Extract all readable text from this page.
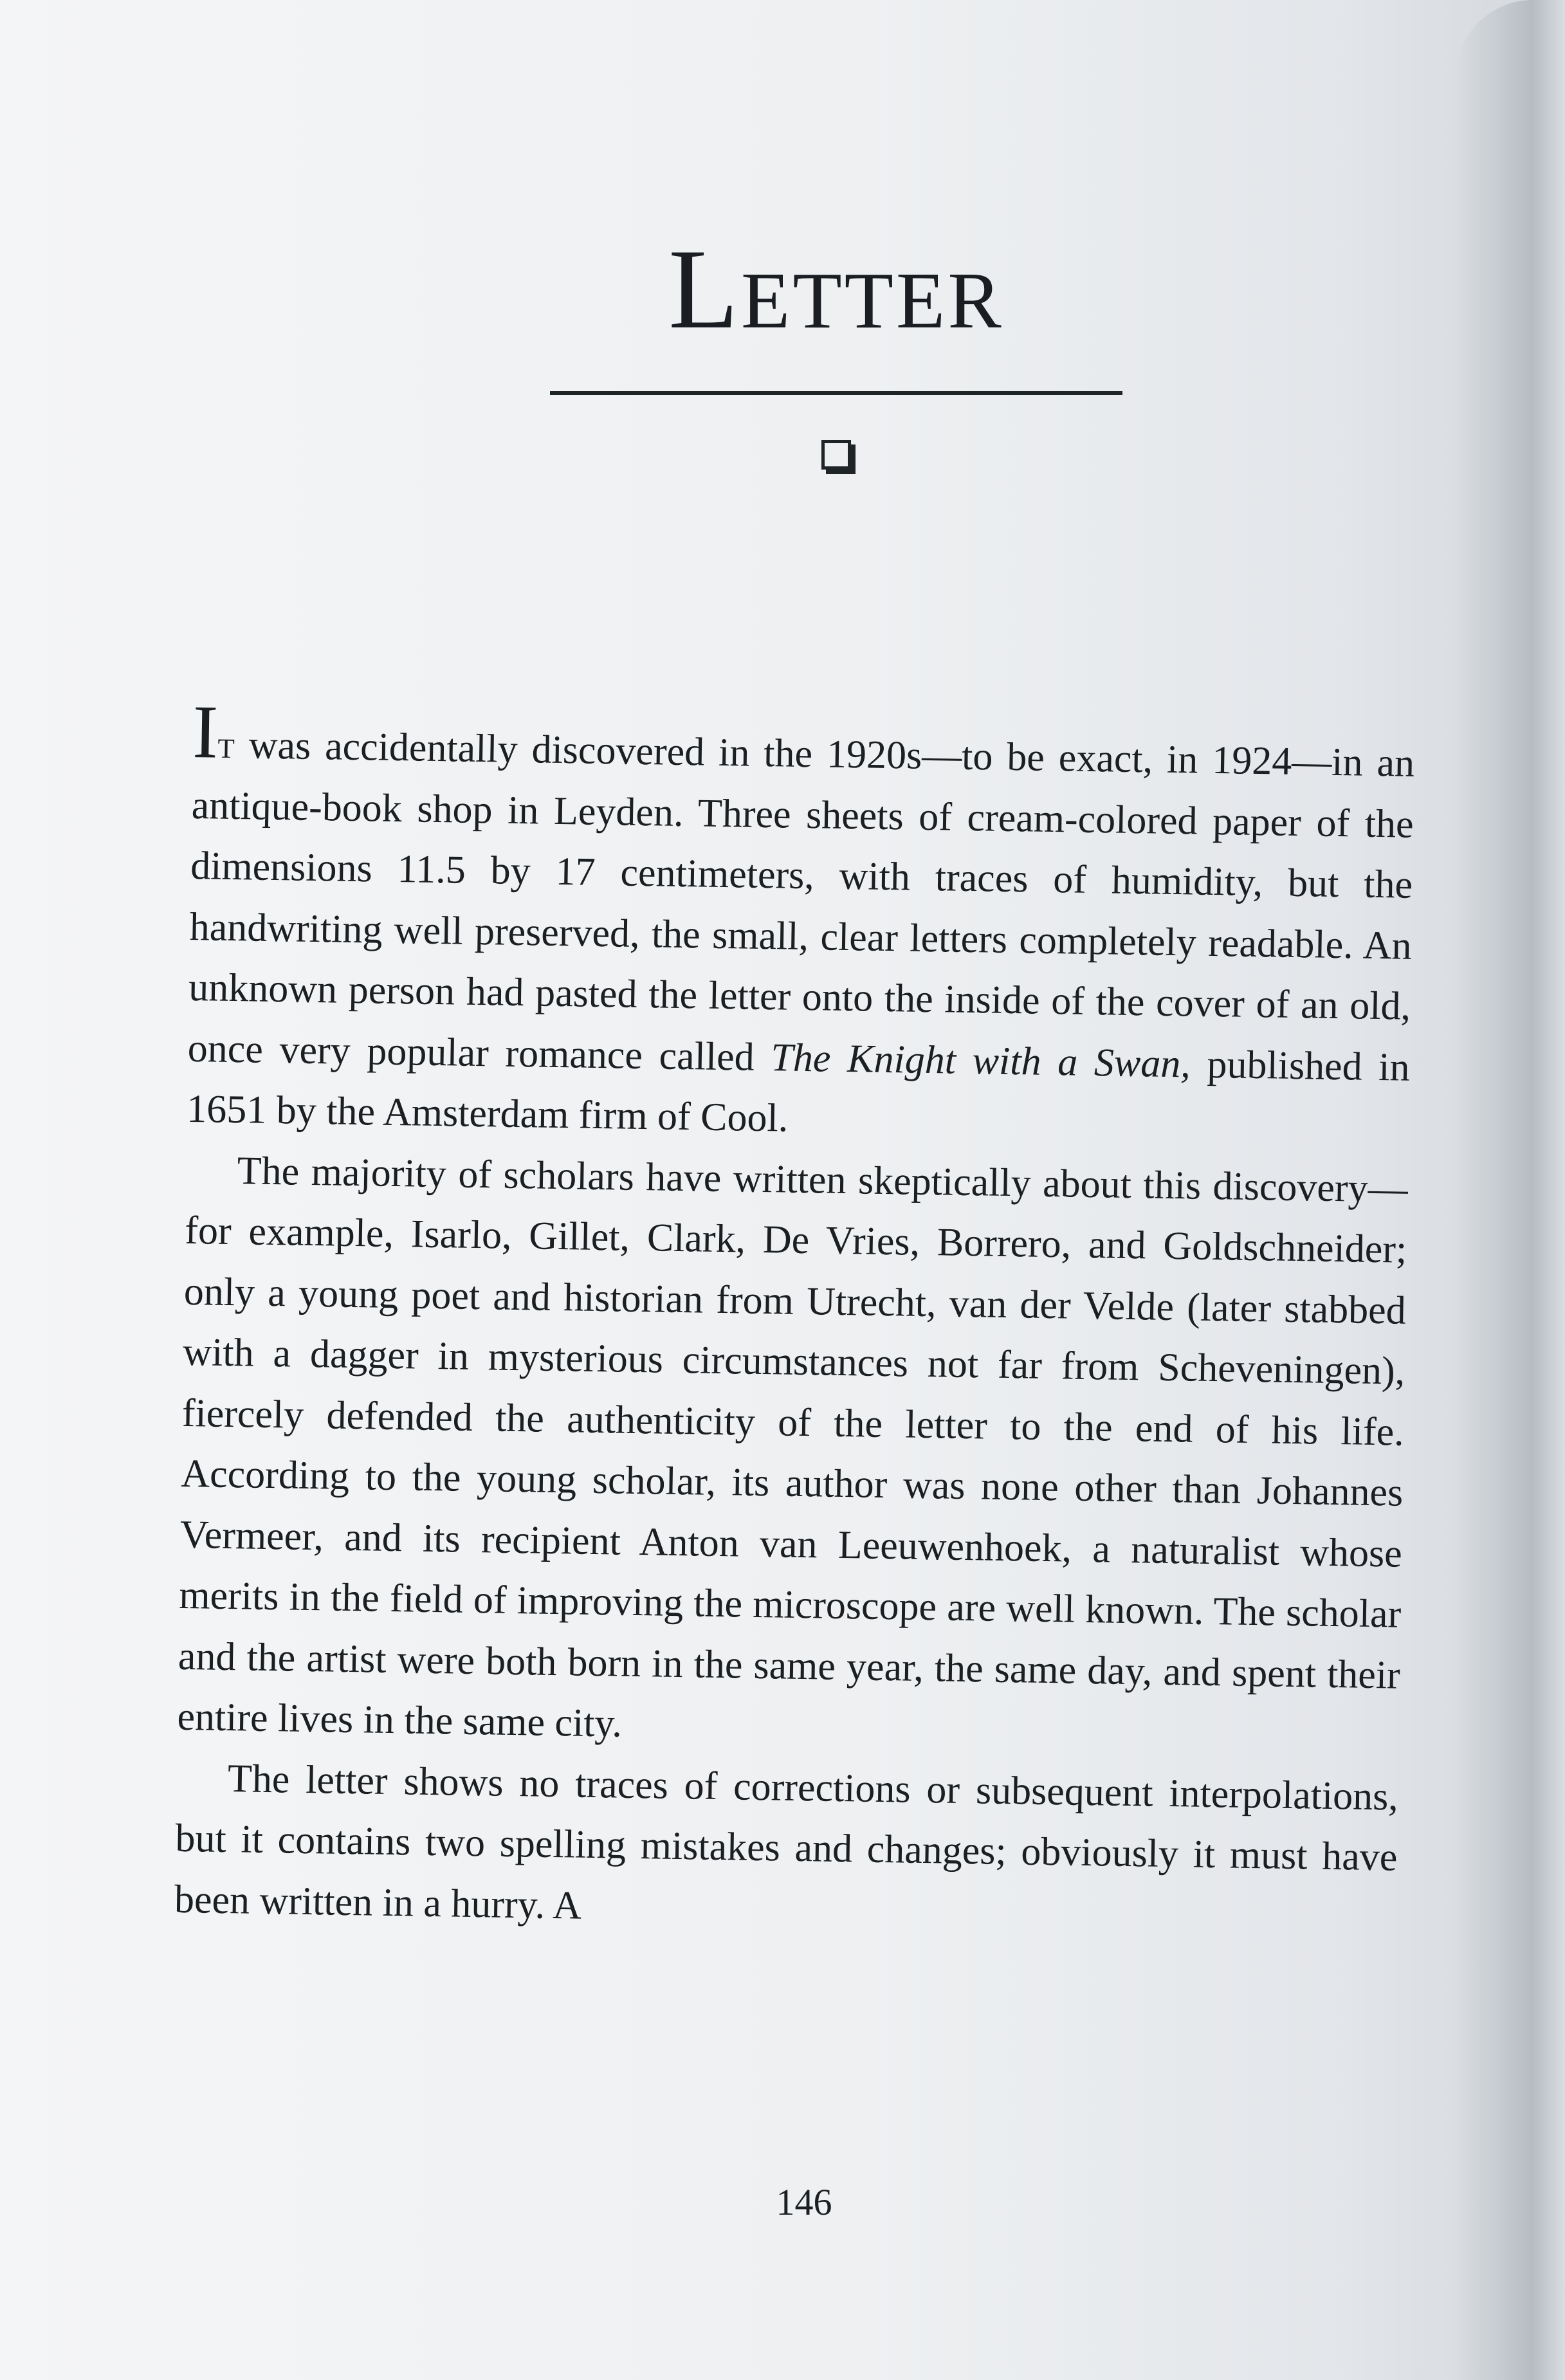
Letter

It was accidentally discovered in the 1920s—to be exact, in 1924—in an antique-book shop in Leyden. Three sheets of cream-colored paper of the dimensions 11.5 by 17 centimeters, with traces of humidity, but the handwriting well preserved, the small, clear letters completely readable. An unknown person had pasted the letter onto the inside of the cover of an old, once very popular romance called The Knight with a Swan, published in 1651 by the Amsterdam firm of Cool.

The majority of scholars have written skeptically about this discovery—for example, Isarlo, Gillet, Clark, De Vries, Borrero, and Goldschneider; only a young poet and historian from Utrecht, van der Velde (later stabbed with a dagger in mysterious circumstances not far from Scheveningen), fiercely defended the authenticity of the letter to the end of his life. According to the young scholar, its author was none other than Johannes Vermeer, and its recipient Anton van Leeuwenhoek, a naturalist whose merits in the field of improving the microscope are well known. The scholar and the artist were both born in the same year, the same day, and spent their entire lives in the same city.

The letter shows no traces of corrections or subsequent interpolations, but it contains two spelling mistakes and changes; obviously it must have been written in a hurry. A

146
